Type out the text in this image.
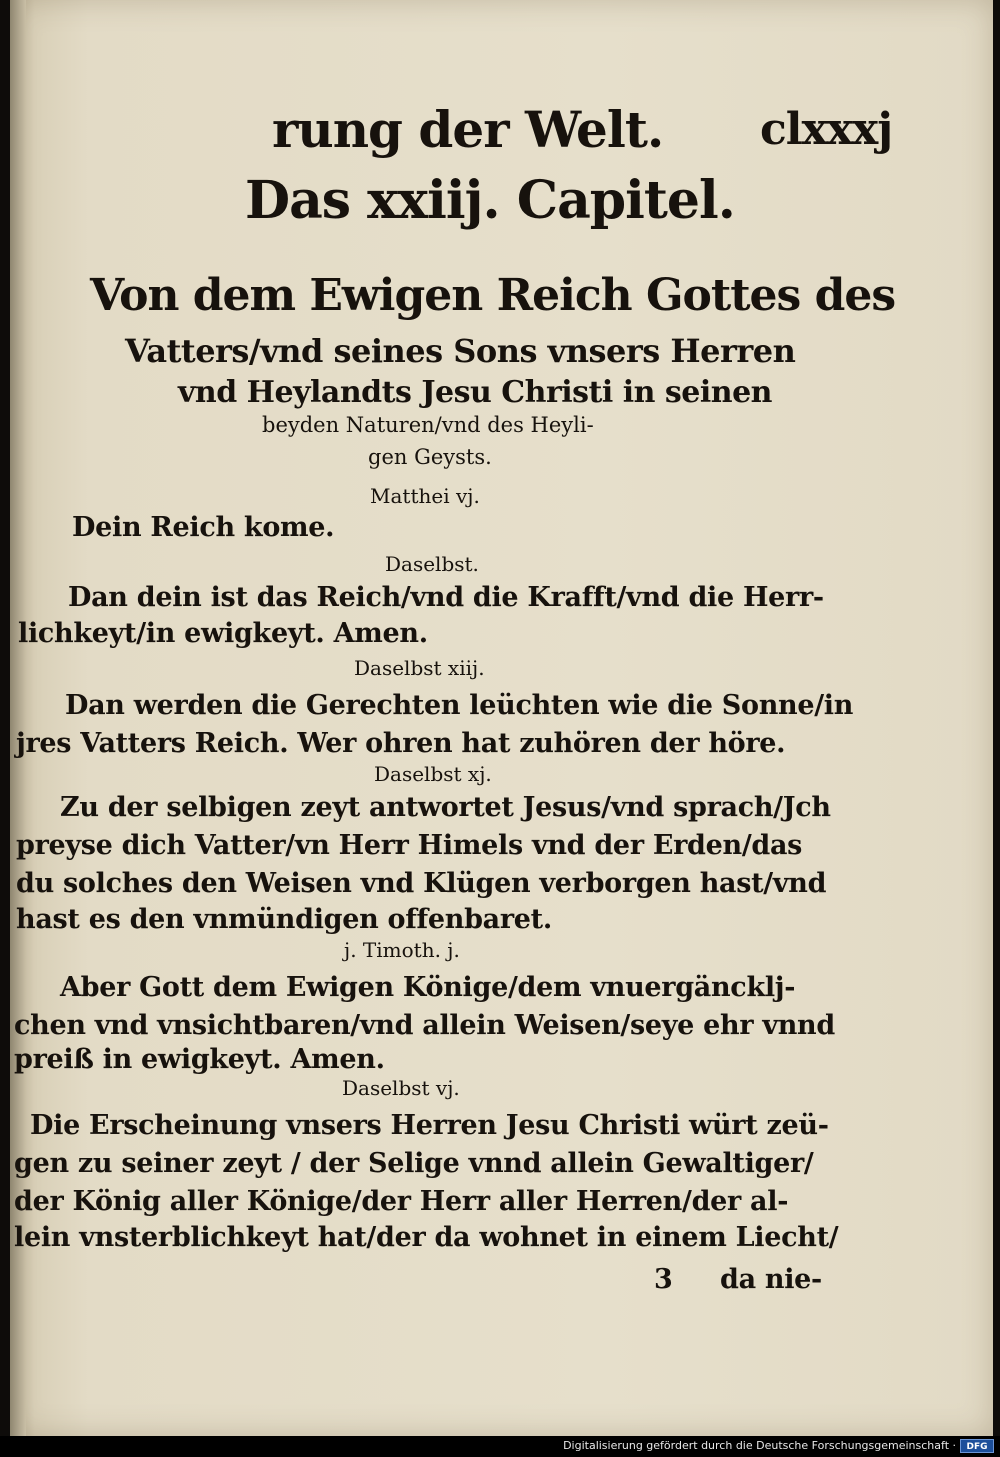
rung der Welt. clxxxj

Das xxiij. Capitel.

Von dem Ewigen Reich Gottes des

Vatters/vnd seines Sons vnsers Herren

vnd Heylandts Jesu Christi in seinen

beyden Naturen/vnd des Heyli-

gen Geysts.

Matthei vj.

Dein Reich kome.

Daselbst.

Dan dein ist das Reich/vnd die Krafft/vnd die Herr-

lichkeyt/in ewigkeyt. Amen.

Daselbst xiij.

Dan werden die Gerechten leüchten wie die Sonne/in

jres Vatters Reich. Wer ohren hat zuhören der höre.

Daselbst xj.

Zu der selbigen zeyt antwortet Jesus/vnd sprach/Jch

preyse dich Vatter/vn Herr Himels vnd der Erden/das

du solches den Weisen vnd Klügen verborgen hast/vnd

hast es den vnmündigen offenbaret.

j. Timoth. j.

Aber Gott dem Ewigen Könige/dem vnuergäncklj-

chen vnd vnsichtbaren/vnd allein Weisen/seye ehr vnnd

preiß in ewigkeyt. Amen.

Daselbst vj.

Die Erscheinung vnsers Herren Jesu Christi würt zeü-

gen zu seiner zeyt / der Selige vnnd allein Gewaltiger/

der König aller Könige/der Herr aller Herren/der al-

lein vnsterblichkeyt hat/der da wohnet in einem Liecht/

3 da nie-

Digitalisierung gefördert durch die Deutsche Forschungsgemeinschaft ·	DFG
